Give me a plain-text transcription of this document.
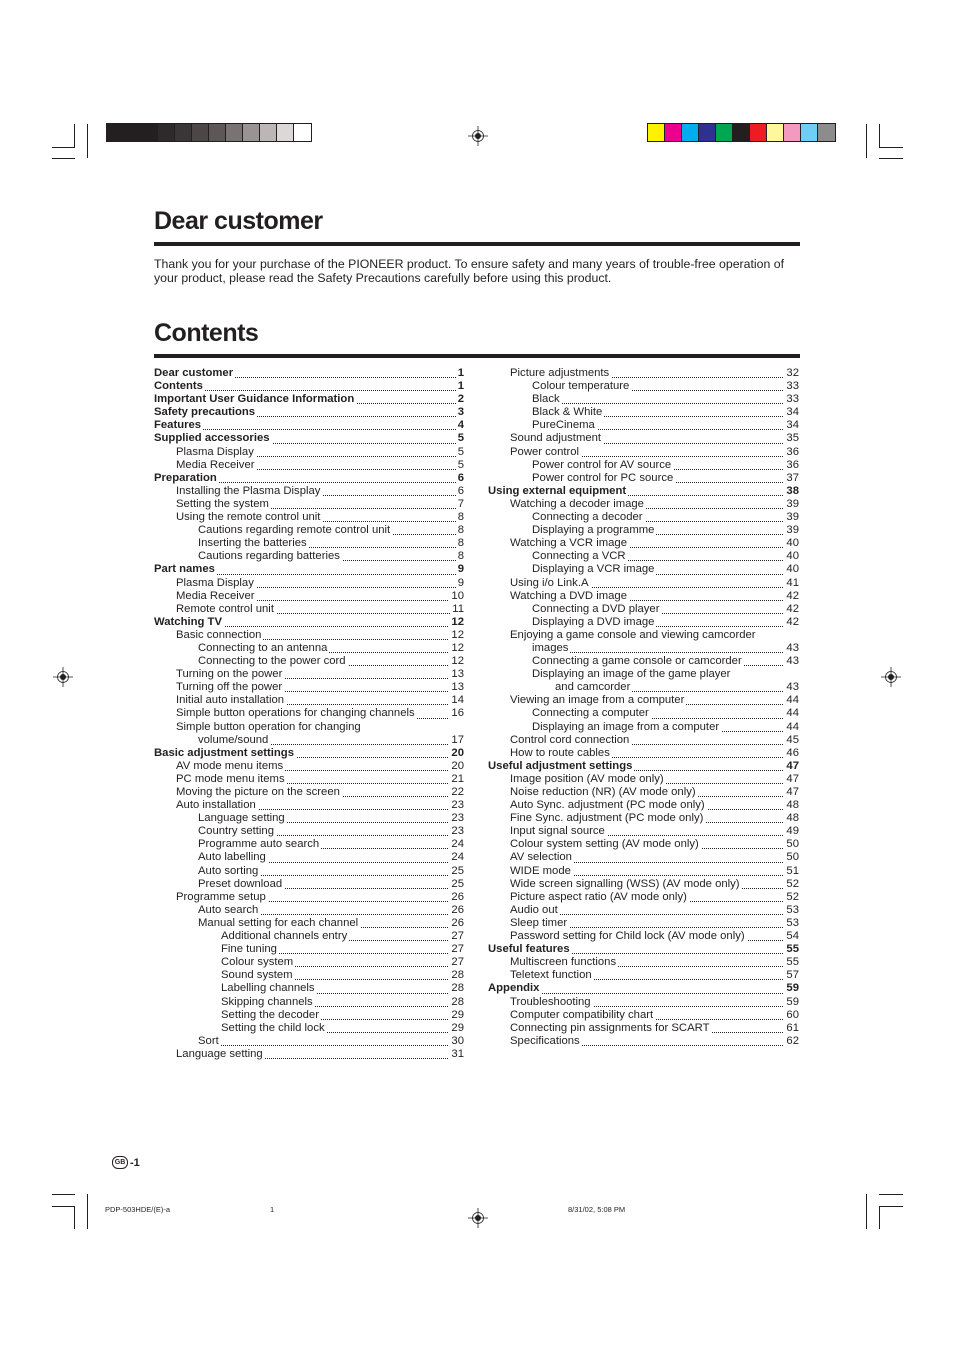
Dear customer

Thank you for your purchase of the PIONEER product. To ensure safety and many years of trouble-free operation of your product, please read the Safety Precautions carefully before using this product.

Contents
Dear customer	1
Contents	1
Important User Guidance Information	2
Safety precautions	3
Features	4
Supplied accessories	5
Plasma Display	5
Media Receiver	5
Preparation	6
Installing the Plasma Display	6
Setting the system	7
Using the remote control unit	8
Cautions regarding remote control unit	8
Inserting the batteries	8
Cautions regarding batteries	8
Part names	9
Plasma Display	9
Media Receiver	10
Remote control unit	11
Watching TV	12
Basic connection	12
Connecting to an antenna	12
Connecting to the power cord	12
Turning on the power	13
Turning off the power	13
Initial auto installation	14
Simple button operations for changing channels	16
Simple button operation for changing
volume/sound	17
Basic adjustment settings	20
AV mode menu items	20
PC mode menu items	21
Moving the picture on the screen	22
Auto installation	23
Language setting	23
Country setting	23
Programme auto search	24
Auto labelling	24
Auto sorting	25
Preset download	25
Programme setup	26
Auto search	26
Manual setting for each channel	26
Additional channels entry	27
Fine tuning	27
Colour system	27
Sound system	28
Labelling channels	28
Skipping channels	28
Setting the decoder	29
Setting the child lock	29
Sort	30
Language setting	31
Picture adjustments	32
Colour temperature	33
Black	33
Black & White	34
PureCinema	34
Sound adjustment	35
Power control	36
Power control for AV source	36
Power control for PC source	37
Using external equipment	38
Watching a decoder image	39
Connecting a decoder	39
Displaying a programme	39
Watching a VCR image	40
Connecting a VCR	40
Displaying a VCR image	40
Using i/o Link.A	41
Watching a DVD image	42
Connecting a DVD player	42
Displaying a DVD image	42
Enjoying a game console and viewing camcorder
images	43
Connecting a game console or camcorder	43
Displaying an image of the game player
and camcorder	43
Viewing an image from a computer	44
Connecting a computer	44
Displaying an image from a computer	44
Control cord connection	45
How to route cables	46
Useful adjustment settings	47
Image position (AV mode only)	47
Noise reduction (NR) (AV mode only)	47
Auto Sync. adjustment (PC mode only)	48
Fine Sync. adjustment (PC mode only)	48
Input signal source	49
Colour system setting (AV mode only)	50
AV selection	50
WIDE mode	51
Wide screen signalling (WSS) (AV mode only)	52
Picture aspect ratio (AV mode only)	52
Audio out	53
Sleep timer	53
Password setting for Child lock (AV mode only)	54
Useful features	55
Multiscreen functions	55
Teletext function	57
Appendix	59
Troubleshooting	59
Computer compatibility chart	60
Connecting pin assignments for SCART	61
Specifications	62
GB -1
PDP-503HDE/(E)-a	1	8/31/02, 5:08 PM
